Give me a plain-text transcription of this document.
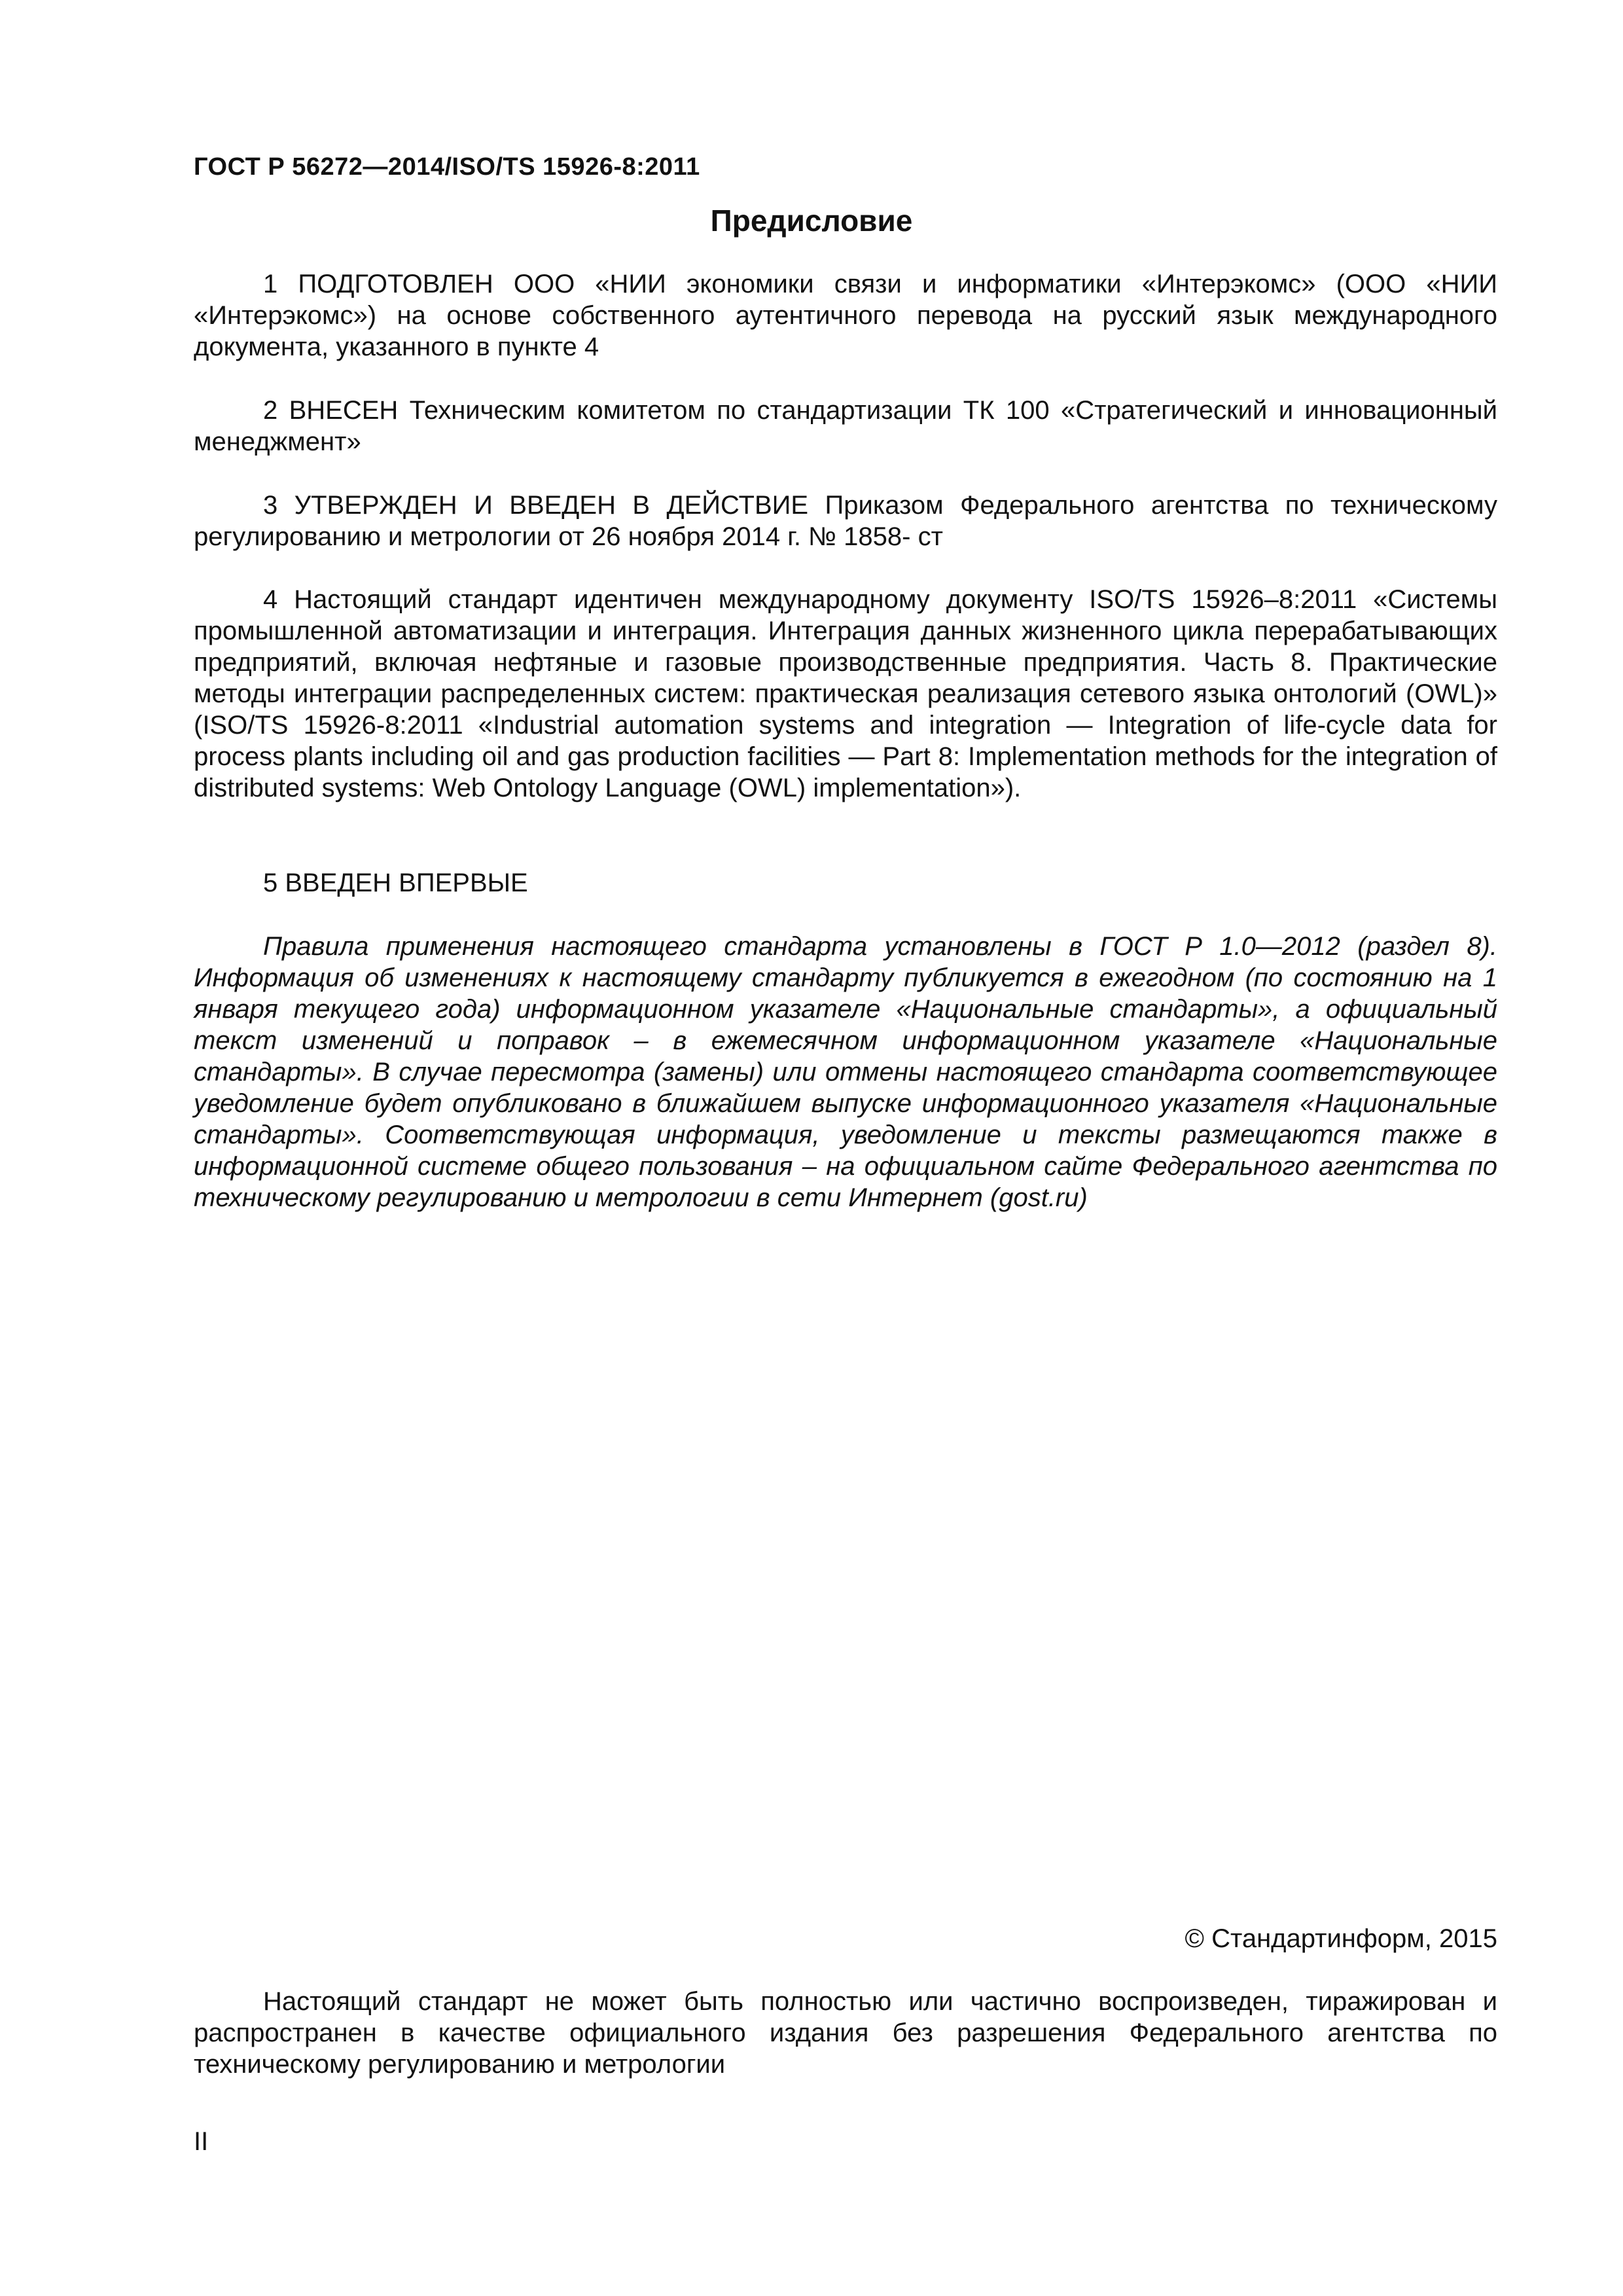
ГОСТ Р 56272—2014/ISO/TS 15926-8:2011
Предисловие

1 ПОДГОТОВЛЕН ООО «НИИ экономики связи и информатики «Интерэкомс» (ООО «НИИ «Интерэкомс») на основе собственного аутентичного перевода на русский язык международного документа, указанного в пункте 4

2 ВНЕСЕН Техническим комитетом по стандартизации ТК 100 «Стратегический и инновационный менеджмент»

3 УТВЕРЖДЕН И ВВЕДЕН В ДЕЙСТВИЕ Приказом Федерального агентства по техническому регулированию и метрологии от 26 ноября 2014 г. № 1858- ст

4 Настоящий стандарт идентичен международному документу ISO/TS 15926–8:2011 «Системы промышленной автоматизации и интеграция. Интеграция данных жизненного цикла перерабатывающих предприятий, включая нефтяные и газовые производственные предприятия. Часть 8. Практические методы интеграции распределенных систем: практическая реализация сетевого языка онтологий (OWL)» (ISO/TS 15926-8:2011 «Industrial automation systems and integration — Integration of life-cycle data for process plants including oil and gas production facilities — Part 8: Implementation methods for the integration of distributed systems: Web Ontology Language (OWL) implementation»).

5 ВВЕДЕН ВПЕРВЫЕ

Правила применения настоящего стандарта установлены в ГОСТ Р 1.0—2012 (раздел 8). Информация об изменениях к настоящему стандарту публикуется в ежегодном (по состоянию на 1 января текущего года) информационном указателе «Национальные стандарты», а официальный текст изменений и поправок – в ежемесячном информационном указателе «Национальные стандарты». В случае пересмотра (замены) или отмены настоящего стандарта соответствующее уведомление будет опубликовано в ближайшем выпуске информационного указателя «Национальные стандарты». Соответствующая информация, уведомление и тексты размещаются также в информационной системе общего пользования – на официальном сайте Федерального агентства по техническому регулированию и метрологии в сети Интернет (gost.ru)

© Стандартинформ, 2015

Настоящий стандарт не может быть полностью или частично воспроизведен, тиражирован и распространен в качестве официального издания без разрешения Федерального агентства по техническому регулированию и метрологии

II
